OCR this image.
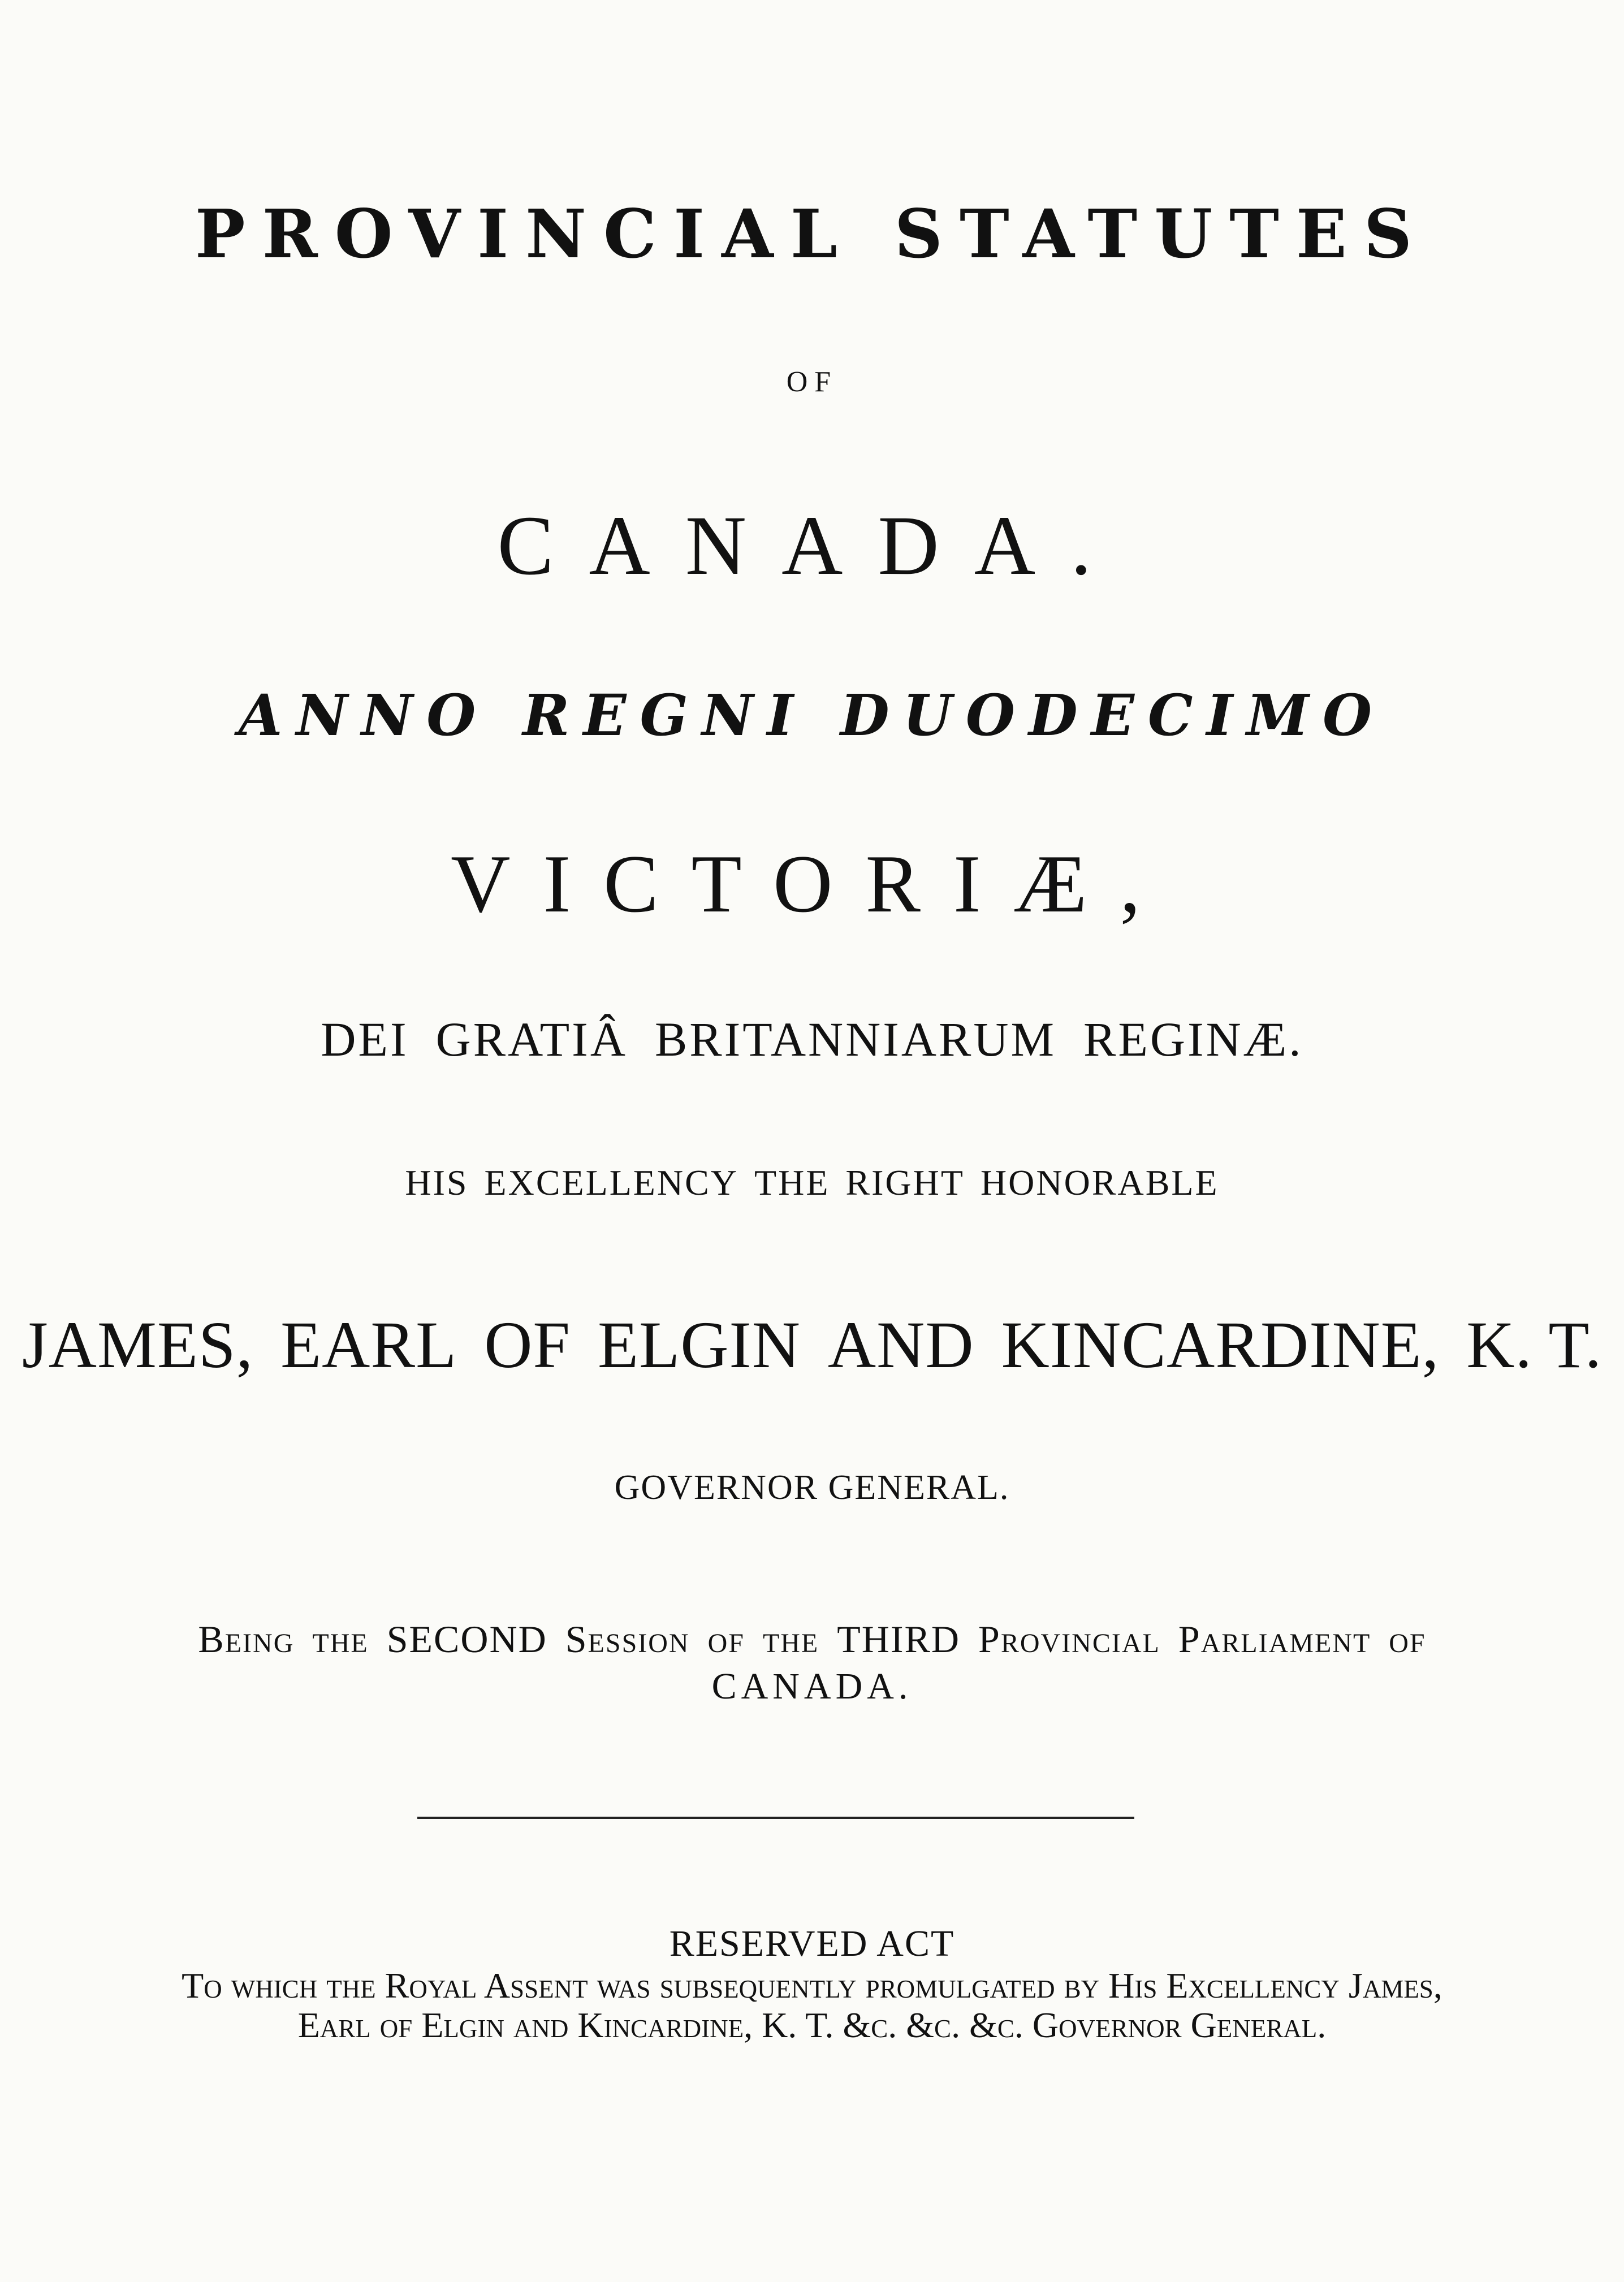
PROVINCIAL STATUTES
OF
CANADA.
ANNO REGNI DUODECIMO
VICTORIÆ,
DEI GRATIÂ BRITANNIARUM REGINÆ.
HIS EXCELLENCY THE RIGHT HONORABLE
JAMES, EARL OF ELGIN AND KINCARDINE, K. T.
GOVERNOR GENERAL.
Being the SECOND Session of the THIRD Provincial Parliament of
CANADA.
RESERVED ACT
To which the Royal Assent was subsequently promulgated by His Excellency James,
Earl of Elgin and Kincardine, K. T. &c. &c. &c. Governor General.
